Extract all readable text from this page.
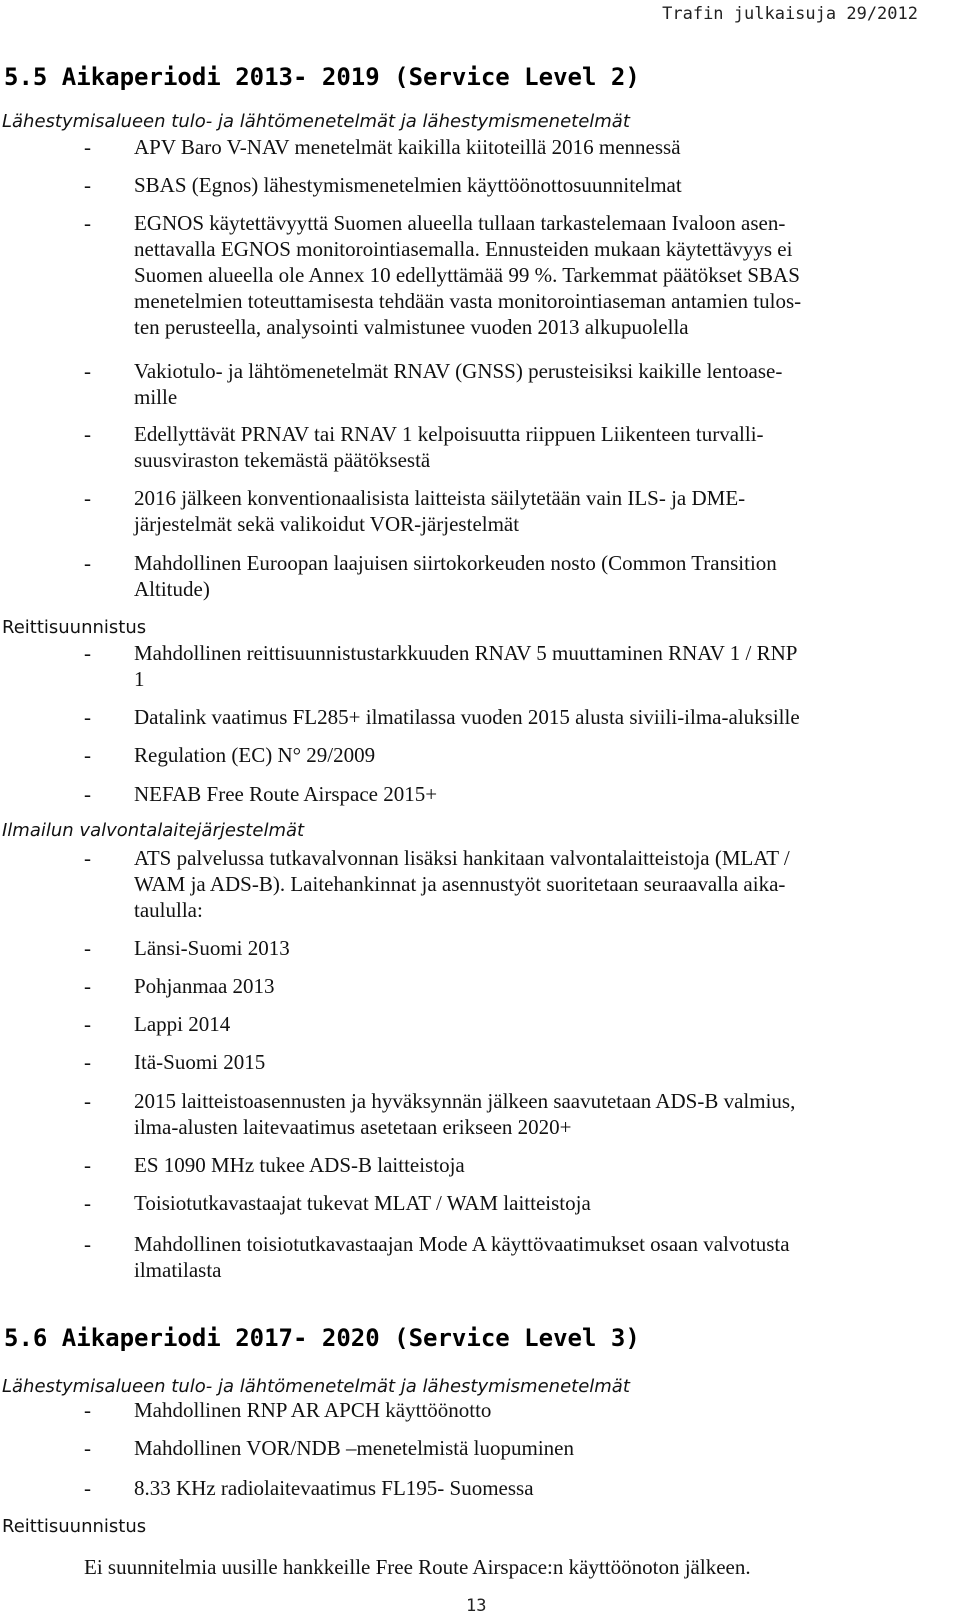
Trafin julkaisuja 29/2012
5.5 Aikaperiodi 2013- 2019 (Service Level 2)
Lähestymisalueen tulo- ja lähtömenetelmät ja lähestymismenetelmät
-	APV Baro V-NAV menetelmät kaikilla kiitoteillä 2016 mennessä
-	SBAS (Egnos) lähestymismenetelmien käyttöönottosuunnitelmat
-	EGNOS käytettävyyttä Suomen alueella tullaan tarkastelemaan Ivaloon asen-
nettavalla EGNOS monitorointiasemalla. Ennusteiden mukaan käytettävyys ei
Suomen alueella ole Annex 10 edellyttämää 99 %. Tarkemmat päätökset SBAS
menetelmien toteuttamisesta tehdään vasta monitorointiaseman antamien tulos-
ten perusteella, analysointi valmistunee vuoden 2013 alkupuolella
-	Vakiotulo- ja lähtömenetelmät RNAV (GNSS) perusteisiksi kaikille lentoase-
mille
-	Edellyttävät PRNAV tai RNAV 1 kelpoisuutta riippuen Liikenteen turvalli-
suusviraston tekemästä päätöksestä
-	2016 jälkeen konventionaalisista laitteista säilytetään vain ILS- ja DME-
järjestelmät sekä valikoidut VOR-järjestelmät
-	Mahdollinen Euroopan laajuisen siirtokorkeuden nosto (Common Transition
Altitude)
Reittisuunnistus
-	Mahdollinen reittisuunnistustarkkuuden RNAV 5 muuttaminen RNAV 1 / RNP
1
-	Datalink vaatimus FL285+ ilmatilassa vuoden 2015 alusta siviili-ilma-aluksille
-	Regulation (EC) N° 29/2009
-	NEFAB Free Route Airspace 2015+
Ilmailun valvontalaitejärjestelmät
-	ATS palvelussa tutkavalvonnan lisäksi hankitaan valvontalaitteistoja (MLAT /
WAM ja ADS-B). Laitehankinnat ja asennustyöt suoritetaan seuraavalla aika-
taululla:
-	Länsi-Suomi 2013
-	Pohjanmaa 2013
-	Lappi 2014
-	Itä-Suomi 2015
-	2015 laitteistoasennusten ja hyväksynnän jälkeen saavutetaan ADS-B valmius,
ilma-alusten laitevaatimus asetetaan erikseen 2020+
-	ES 1090 MHz tukee ADS-B laitteistoja
-	Toisiotutkavastaajat tukevat MLAT / WAM laitteistoja
-	Mahdollinen toisiotutkavastaajan Mode A käyttövaatimukset osaan valvotusta
ilmatilasta
5.6 Aikaperiodi 2017- 2020 (Service Level 3)
Lähestymisalueen tulo- ja lähtömenetelmät ja lähestymismenetelmät
-	Mahdollinen RNP AR APCH käyttöönotto
-	Mahdollinen VOR/NDB –menetelmistä luopuminen
-	8.33 KHz radiolaitevaatimus FL195- Suomessa
Reittisuunnistus
Ei suunnitelmia uusille hankkeille Free Route Airspace:n käyttöönoton jälkeen.
13
